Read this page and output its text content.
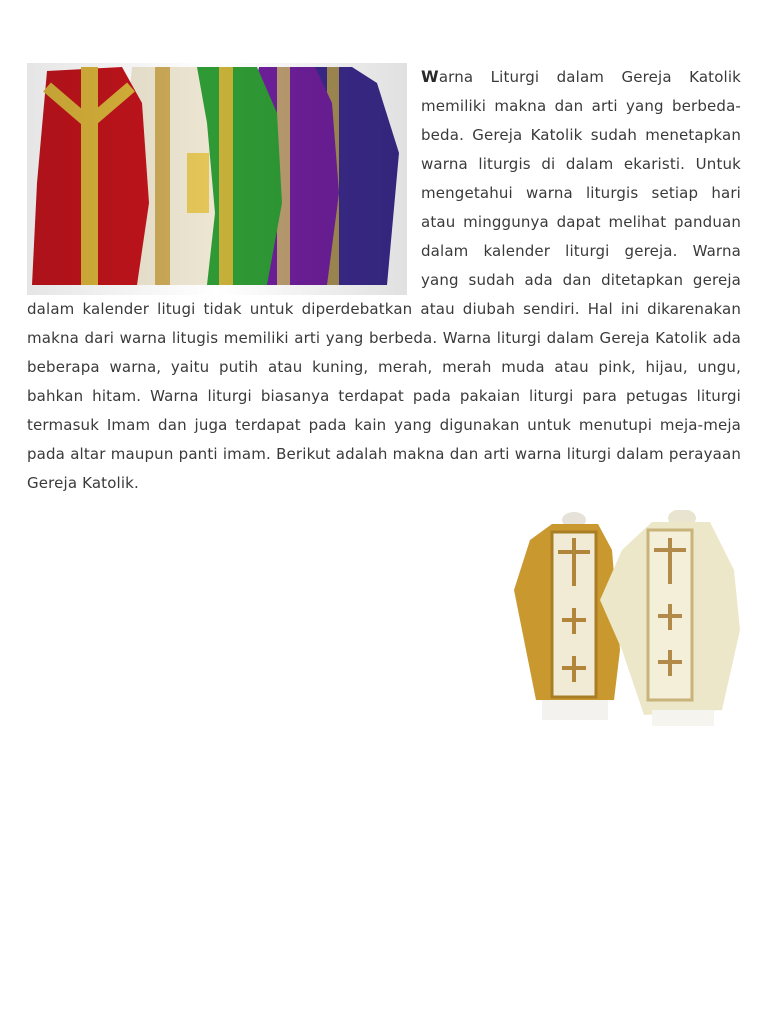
Warna Liturgi dalam Gereja Katolik memiliki makna dan arti yang berbeda-beda. Gereja Katolik sudah menetapkan warna liturgis di dalam ekaristi. Untuk mengetahui warna liturgis setiap hari atau minggunya dapat melihat panduan dalam kalender liturgi gereja. Warna yang sudah ada dan ditetapkan gereja dalam kalender litugi tidak untuk diperdebatkan atau diubah sendiri. Hal ini dikarenakan makna dari warna litugis memiliki arti yang berbeda. Warna liturgi dalam Gereja Katolik ada beberapa warna, yaitu putih atau kuning, merah, merah muda atau pink, hijau, ungu, bahkan hitam. Warna liturgi biasanya terdapat pada pakaian liturgi para petugas liturgi termasuk Imam dan juga terdapat pada kain yang digunakan untuk menutupi meja-meja pada altar maupun panti imam. Berikut adalah makna dan arti warna liturgi dalam perayaan Gereja Katolik.
